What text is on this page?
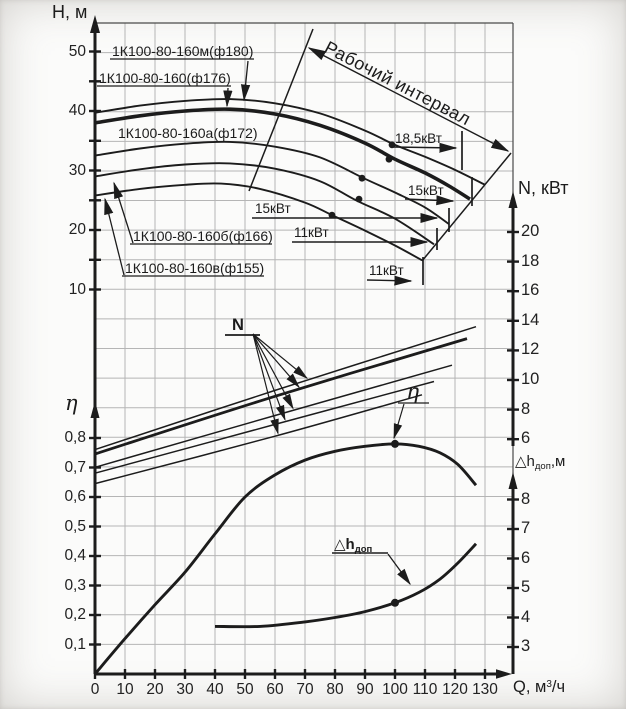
Н, м
η
N, кВт
$\triangle h_{доп},м$
Q, $м^3/ч$
1К100-80-160м(ф180)
1К100-80-160(ф176)
1К100-80-160а(ф172)
1К100-80-160б(ф166)
1К100-80-160в(ф155)
18,5кВт
15кВт
15кВт
11кВт
11кВт
N
η
$\triangle h_{доп}$
Рабочий интервал
50
40
30
20
10
0,8
0,7
0,6
0,5
0,4
0,3
0,2
0,1
20
18
16
14
12
10
8
6
8
7
6
5
4
3
0	10 20 30 40 50 60 70 80 90 100 110 120 130
